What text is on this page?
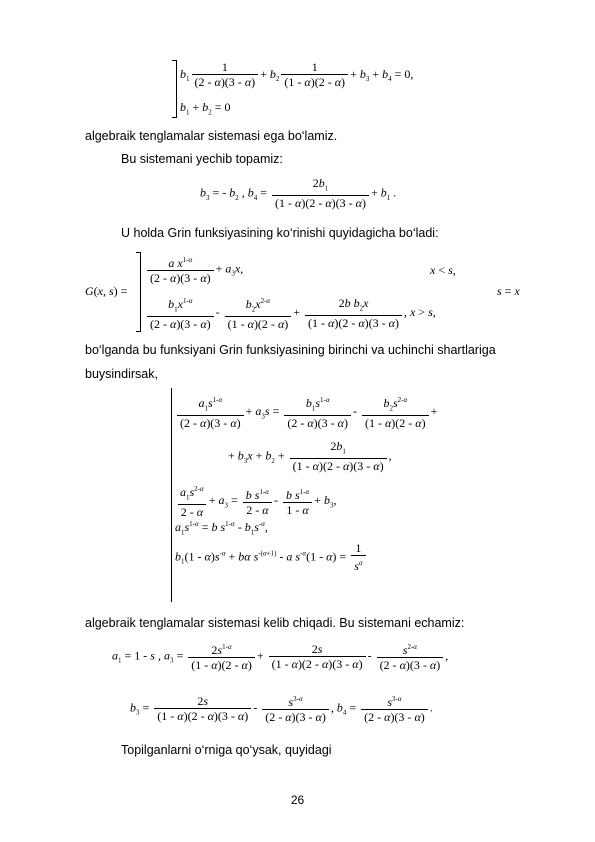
$b_1 \frac{1}{(2 - \alpha)(3 - \alpha)} + b_2 \frac{1}{(1 - \alpha)(2 - \alpha)} + b_3 + b_4 = 0$,
$b_1 + b_2 = 0$
algebraik tenglamalar sistemasi ega bo‘lamiz.
Bu sistemani yechib topamiz:
$b_3$ = - $b_2$ , $b_4 = \frac{2b_1}{(1 - \alpha)(2 - \alpha)(3 - \alpha)} + b_1$ .
U holda Grin funksiyasining ko‘rinishi quyidagicha bo‘ladi:
G(x, s) =
$\frac{a x^{1-\alpha}}{(2 - \alpha)(3 - \alpha)} + a_3x$,	x < s,
$\frac{b_1x^{1-\alpha}}{(2 - \alpha)(3 - \alpha)} - \frac{b_2x^{2-\alpha}}{(1 - \alpha)(2 - \alpha)} + \frac{2b b_2x}{(1 - \alpha)(2 - \alpha)(3 - \alpha)}$ , x > s,
s = x
bo‘lganda bu funksiyani Grin funksiyasining birinchi va uchinchi shartlariga
buysindirsak,
$\frac{a_1s^{1-\alpha}}{(2 - \alpha)(3 - \alpha)} + a_3s = \frac{b_1s^{1-\alpha}}{(2 - \alpha)(3 - \alpha)} - \frac{b_2s^{2-\alpha}}{(1 - \alpha)(2 - \alpha)}$ +
+ $b_3x + b_2 + \frac{2b_1}{(1 - \alpha)(2 - \alpha)(3 - \alpha)}$ ,
$\frac{a_1s^{2-\alpha}}{2 - \alpha} + a_3 = \frac{b s^{1-\alpha}}{2 - \alpha} - \frac{b s^{1-\alpha}}{1 - \alpha} + b_3$,
$a_1s^{1-\alpha} = b$ $s^{1-\alpha} - b_1s^{-\alpha}$,
$b_1(1 - \alpha)s^{-\alpha} + b\alpha$ $s^{-(\alpha+1)}$ - a $s^{-\alpha}(1 - \alpha) = \frac{1}{s^\alpha}$
algebraik tenglamalar sistemasi kelib chiqadi. Bu sistemani echamiz:
$a_1 = 1 - s$ , $a_3 = \frac{2s^{1-\alpha}}{(1 - \alpha)(2 - \alpha)} + \frac{2s}{(1 - \alpha)(2 - \alpha)(3 - \alpha)} - \frac{s^{2-\alpha}}{(2 - \alpha)(3 - \alpha)}$ ,
$b_3 = \frac{2s}{(1 - \alpha)(2 - \alpha)(3 - \alpha)} - \frac{s^{3-\alpha}}{(2 - \alpha)(3 - \alpha)}$ , $b_4 = \frac{s^{3-\alpha}}{(2 - \alpha)(3 - \alpha)}$ .
Topilganlarni o‘rniga qo‘ysak, quyidagi
26
